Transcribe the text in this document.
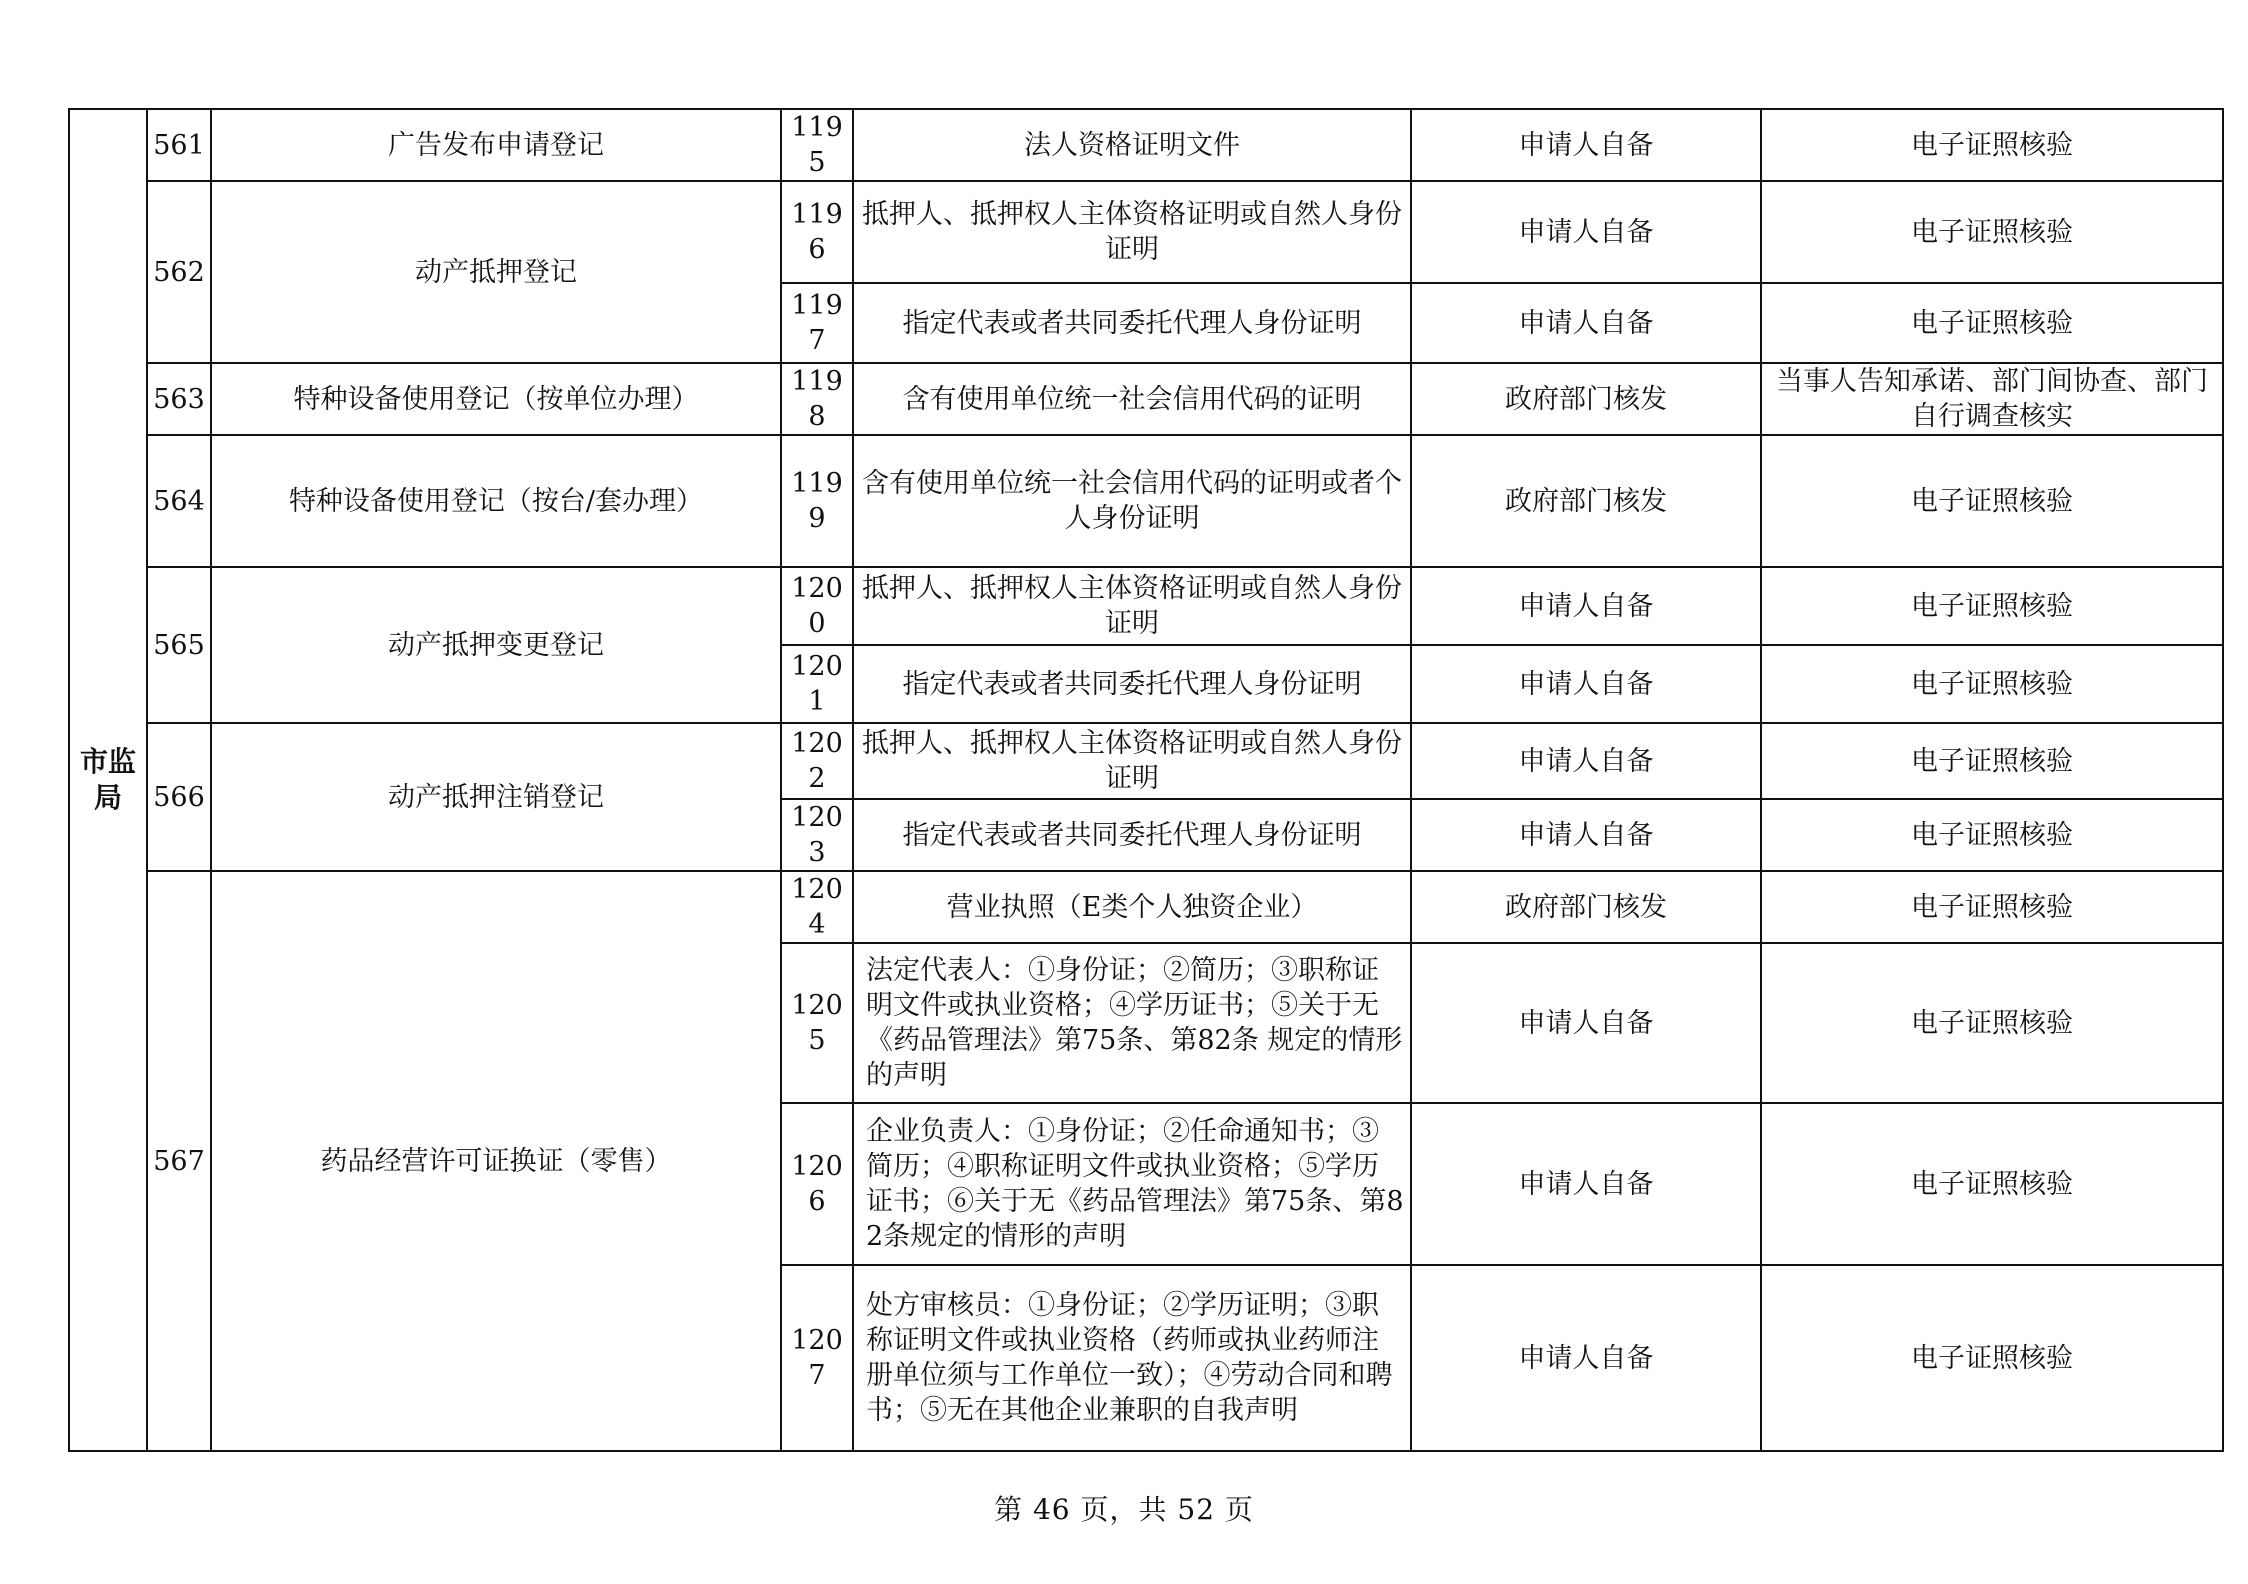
市监局	561	广告发布申请登记	1195	法人资格证明文件	申请人自备	电子证照核验
	562	动产抵押登记	1196	抵押人、抵押权人主体资格证明或自然人身份证明	申请人自备	电子证照核验
			1197	指定代表或者共同委托代理人身份证明	申请人自备	电子证照核验
	563	特种设备使用登记（按单位办理）	1198	含有使用单位统一社会信用代码的证明	政府部门核发	当事人告知承诺、部门间协查、部门自行调查核实
	564	特种设备使用登记（按台/套办理）	1199	含有使用单位统一社会信用代码的证明或者个人身份证明	政府部门核发	电子证照核验
	565	动产抵押变更登记	1200	抵押人、抵押权人主体资格证明或自然人身份证明	申请人自备	电子证照核验
			1201	指定代表或者共同委托代理人身份证明	申请人自备	电子证照核验
	566	动产抵押注销登记	1202	抵押人、抵押权人主体资格证明或自然人身份证明	申请人自备	电子证照核验
			1203	指定代表或者共同委托代理人身份证明	申请人自备	电子证照核验
	567	药品经营许可证换证（零售）	1204	营业执照（E类个人独资企业）	政府部门核发	电子证照核验
			1205	法定代表人：①身份证；②简历；③职称证明文件或执业资格；④学历证书；⑤关于无《药品管理法》第75条、第82条 规定的情形的声明	申请人自备	电子证照核验
			1206	企业负责人：①身份证；②任命通知书；③简历；④职称证明文件或执业资格；⑤学历证书；⑥关于无《药品管理法》第75条、第82条规定的情形的声明	申请人自备	电子证照核验
			1207	处方审核员：①身份证；②学历证明；③职称证明文件或执业资格（药师或执业药师注册单位须与工作单位一致）；④劳动合同和聘书；⑤无在其他企业兼职的自我声明	申请人自备	电子证照核验
第 46 页，共 52 页
